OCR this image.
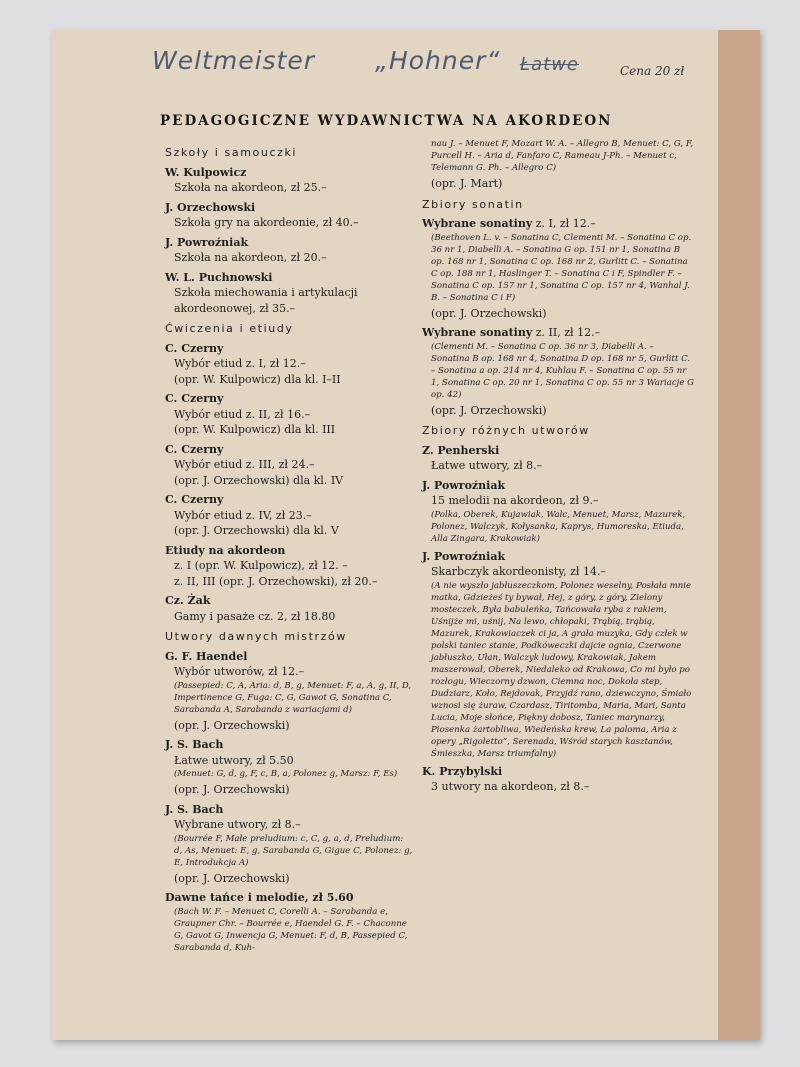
Weltmeister „Hohner“ Łatwe	Cena 20 zł
PEDAGOGICZNE WYDAWNICTWA NA AKORDEON
Szkoły i samouczki
W. Kulpowicz
Szkoła na akordeon, zł 25.–
J. Orzechowski
Szkoła gry na akordeonie, zł 40.–
J. Powroźniak
Szkoła na akordeon, zł 20.–
W. L. Puchnowski
Szkoła miechowania i artykulacji akordeonowej, zł 35.–
Ćwiczenia i etiudy
C. Czerny
Wybór etiud z. I, zł 12.–
(opr. W. Kulpowicz) dla kl. I–II
C. Czerny
Wybór etiud z. II, zł 16.–
(opr. W. Kulpowicz) dla kl. III
C. Czerny
Wybór etiud z. III, zł 24.–
(opr. J. Orzechowski) dla kl. IV
C. Czerny
Wybór etiud z. IV, zł 23.–
(opr. J. Orzechowski) dla kl. V
Etiudy na akordeon
z. I (opr. W. Kulpowicz), zł 12. –
z. II, III (opr. J. Orzechowski), zł 20.–
Cz. Żak
Gamy i pasaże cz. 2, zł 18.80
Utwory dawnych mistrzów
G. F. Haendel
Wybór utworów, zł 12.–
(Passepied: C, A, Aria: d, B, g, Menuet: F, a, A, g, II, D, Impertinence G, Fuga: C, G, Gawot G, Sonatina C, Sarabanda A, Sarabanda z wariacjami d)
(opr. J. Orzechowski)
J. S. Bach
Łatwe utwory, zł 5.50
(Menuet: G, d, g, F, c, B, a, Polonez g, Marsz: F, Es)
(opr. J. Orzechowski)
J. S. Bach
Wybrane utwory, zł 8.–
(Bourrée F, Małe preludium: c, C, g, a, d, Preludium: d, As, Menuet: E, g, Sarabanda G, Gigue C, Polonez: g, E, Introdukcja A)
(opr. J. Orzechowski)
Dawne tańce i melodie, zł 5.60
(Bach W. F. – Menuet C, Corelli A. – Sarabanda e, Graupner Chr. – Bourrée e, Haendel G. F. – Chaconne G, Gavot G, Inwencja G, Menuet: F, d, B, Passepied C, Sarabanda d, Kuh-
nau J. – Menuet F, Mozart W. A. – Allegro B, Menuet: C, G, F, Purcell H. – Aria d, Fanfaro C, Rameau J-Ph. – Menuet c, Telemann G. Ph. – Allegro C)
(opr. J. Mart)
Zbiory sonatin
Wybrane sonatiny z. I, zł 12.–
(Beethoven L. v. – Sonatina C, Clementi M. – Sonatina C op. 36 nr 1, Diabelli A. – Sonatina G op. 151 nr 1, Sonatina B op. 168 nr 1, Sonatina C op. 168 nr 2, Gurlitt C. – Sonatina C op. 188 nr 1, Haslinger T. – Sonatina C i F, Spindler F. – Sonatina C op. 157 nr 1, Sonatina C op. 157 nr 4, Wanhal J. B. – Sonatina C i F)
(opr. J. Orzechowski)
Wybrane sonatiny z. II, zł 12.–
(Clementi M. – Sonatina C op. 36 nr 3, Diabelli A. – Sonatina B op. 168 nr 4, Sonatina D op. 168 nr 5, Gurlitt C. – Sonatina a op. 214 nr 4, Kuhlau F. – Sonatina C op. 55 nr 1, Sonatina C op. 20 nr 1, Sonatina C op. 55 nr 3 Wariacje G op. 42)
(opr. J. Orzechowski)
Zbiory różnych utworów
Z. Penherski
Łatwe utwory, zł 8.–
J. Powroźniak
15 melodii na akordeon, zł 9.–
(Polka, Oberek, Kujawiak, Walc, Menuet, Marsz, Mazurek, Polonez, Walczyk, Kołysanka, Kaprys, Humoreska, Etiuda, Alla Zingara, Krakowiak)
J. Powroźniak
Skarbczyk akordeonisty, zł 14.–
(A nie wyszło jabłuszeczkom, Polonez weselny, Posłała mnie matka, Gdzieżeś ty bywał, Hej, z góry, z góry, Zielony mosteczek, Była babuleńka, Tańcowała ryba z rakiem, Uśnijże mi, uśnij, Na lewo, chłopaki, Trąbią, trąbią, Mazurek, Krakowiaczek ci ja, A grała muzyka, Gdy człek w polski taniec stanie, Podkóweczki dajcie ognia, Czerwone jabłuszko, Ułan, Walczyk ludowy, Krakowiak, Jakem maszerował, Oberek, Niedaleko od Krakowa, Co mi było po rozłogu, Wieczorny dzwon, Ciemna noc, Dokoła step, Dudziarz, Koło, Rejdovak, Przyjdź rano, dziewczyno, Śmiało wznosi się żuraw, Czardasz, Tiritomba, Maria, Mari, Santa Lucia, Moje słońce, Piękny dobosz, Taniec marynarzy, Piosenka żartobliwa, Wiedeńska krew, La paloma, Aria z opery „Rigoletto”, Serenada, Wśród starych kasztanów, Śmieszka, Marsz triumfalny)
K. Przybylski
3 utwory na akordeon, zł 8.–
